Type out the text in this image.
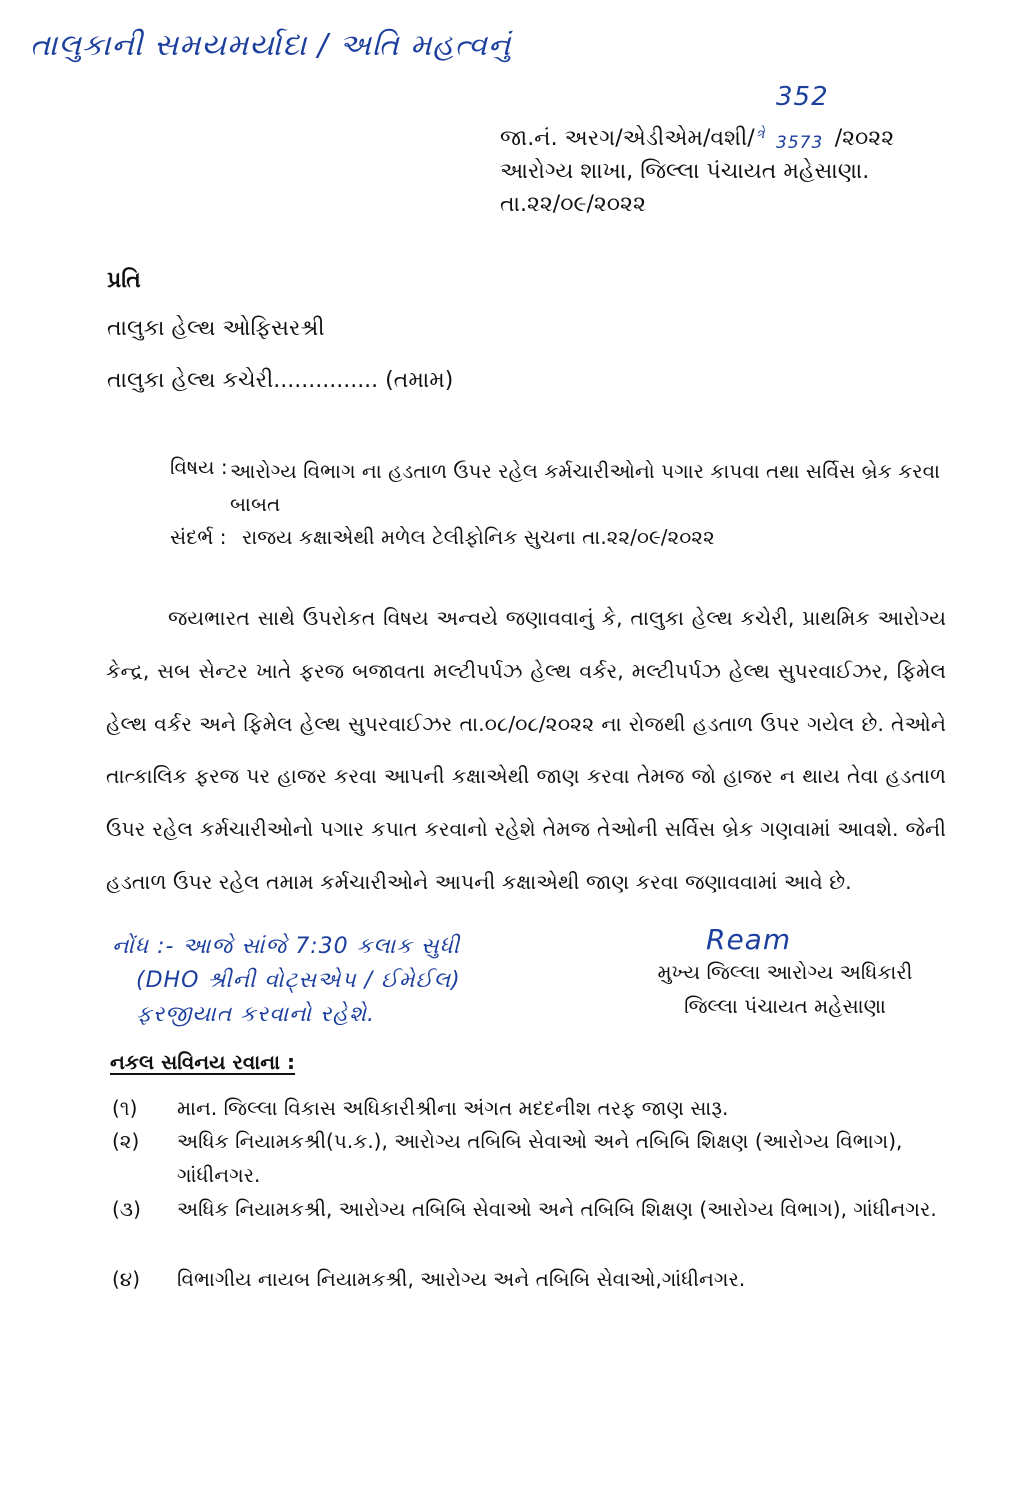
તાલુકાની સમયમર્યાદા / અતિ મહત્વનું
352
ત્રે 3573
જા.નં. અરગ/એડીએમ/વશી/	/૨૦૨૨
આરોગ્ય શાખા, જિલ્લા પંચાયત મહેસાણા.
તા.૨૨/૦૯/૨૦૨૨
પ્રતિ
તાલુકા હેલ્થ ઓફિસરશ્રી
તાલુકા હેલ્થ કચેરી............... (તમામ)
વિષય : આરોગ્ય વિભાગ ના હડતાળ ઉપર રહેલ કર્મચારીઓનો પગાર કાપવા તથા સર્વિસ બ્રેક કરવા બાબત
સંદર્ભ : રાજય કક્ષાએથી મળેલ ટેલીફોનિક સુચના તા.૨૨/૦૯/૨૦૨૨
જયભારત સાથે ઉપરોકત વિષય અન્વયે જણાવવાનું કે, તાલુકા હેલ્થ કચેરી, પ્રાથમિક આરોગ્ય કેન્દ્ર, સબ સેન્ટર ખાતે ફરજ બજાવતા મલ્ટીપર્પઝ હેલ્થ વર્કર, મલ્ટીપર્પઝ હેલ્થ સુપરવાઈઝર, ફિમેલ હેલ્થ વર્કર અને ફિમેલ હેલ્થ સુપરવાઈઝર તા.૦૮/૦૮/૨૦૨૨ ના રોજથી હડતાળ ઉપર ગયેલ છે. તેઓને તાત્કાલિક ફરજ પર હાજર કરવા આપની કક્ષાએથી જાણ કરવા તેમજ જો હાજર ન થાય તેવા હડતાળ ઉપર રહેલ કર્મચારીઓનો પગાર કપાત કરવાનો રહેશે તેમજ તેઓની સર્વિસ બ્રેક ગણવામાં આવશે. જેની હડતાળ ઉપર રહેલ તમામ કર્મચારીઓને આપની કક્ષાએથી જાણ કરવા જણાવવામાં આવે છે.
નોંધ :- આજે સાંજે 7:30 કલાક સુધી
(DHO શ્રીની વોટ્સએપ / ઈમેઈલ)
ફરજીયાત કરવાનો રહેશે.
Ream
મુખ્ય જિલ્લા આરોગ્ય અધિકારી
જિલ્લા પંચાયત મહેસાણા
નકલ સવિનય રવાના :
(૧) માન. જિલ્લા વિકાસ અધિકારીશ્રીના અંગત મદદનીશ તરફ જાણ સારૂ.
(૨) અધિક નિયામકશ્રી(પ.ક.), આરોગ્ય તબિબિ સેવાઓ અને તબિબિ શિક્ષણ (આરોગ્ય વિભાગ), ગાંધીનગર.
(૩) અધિક નિયામકશ્રી, આરોગ્ય તબિબિ સેવાઓ અને તબિબિ શિક્ષણ (આરોગ્ય વિભાગ), ગાંધીનગર.
(૪) વિભાગીય નાયબ નિયામકશ્રી, આરોગ્ય અને તબિબિ સેવાઓ,ગાંધીનગર.
